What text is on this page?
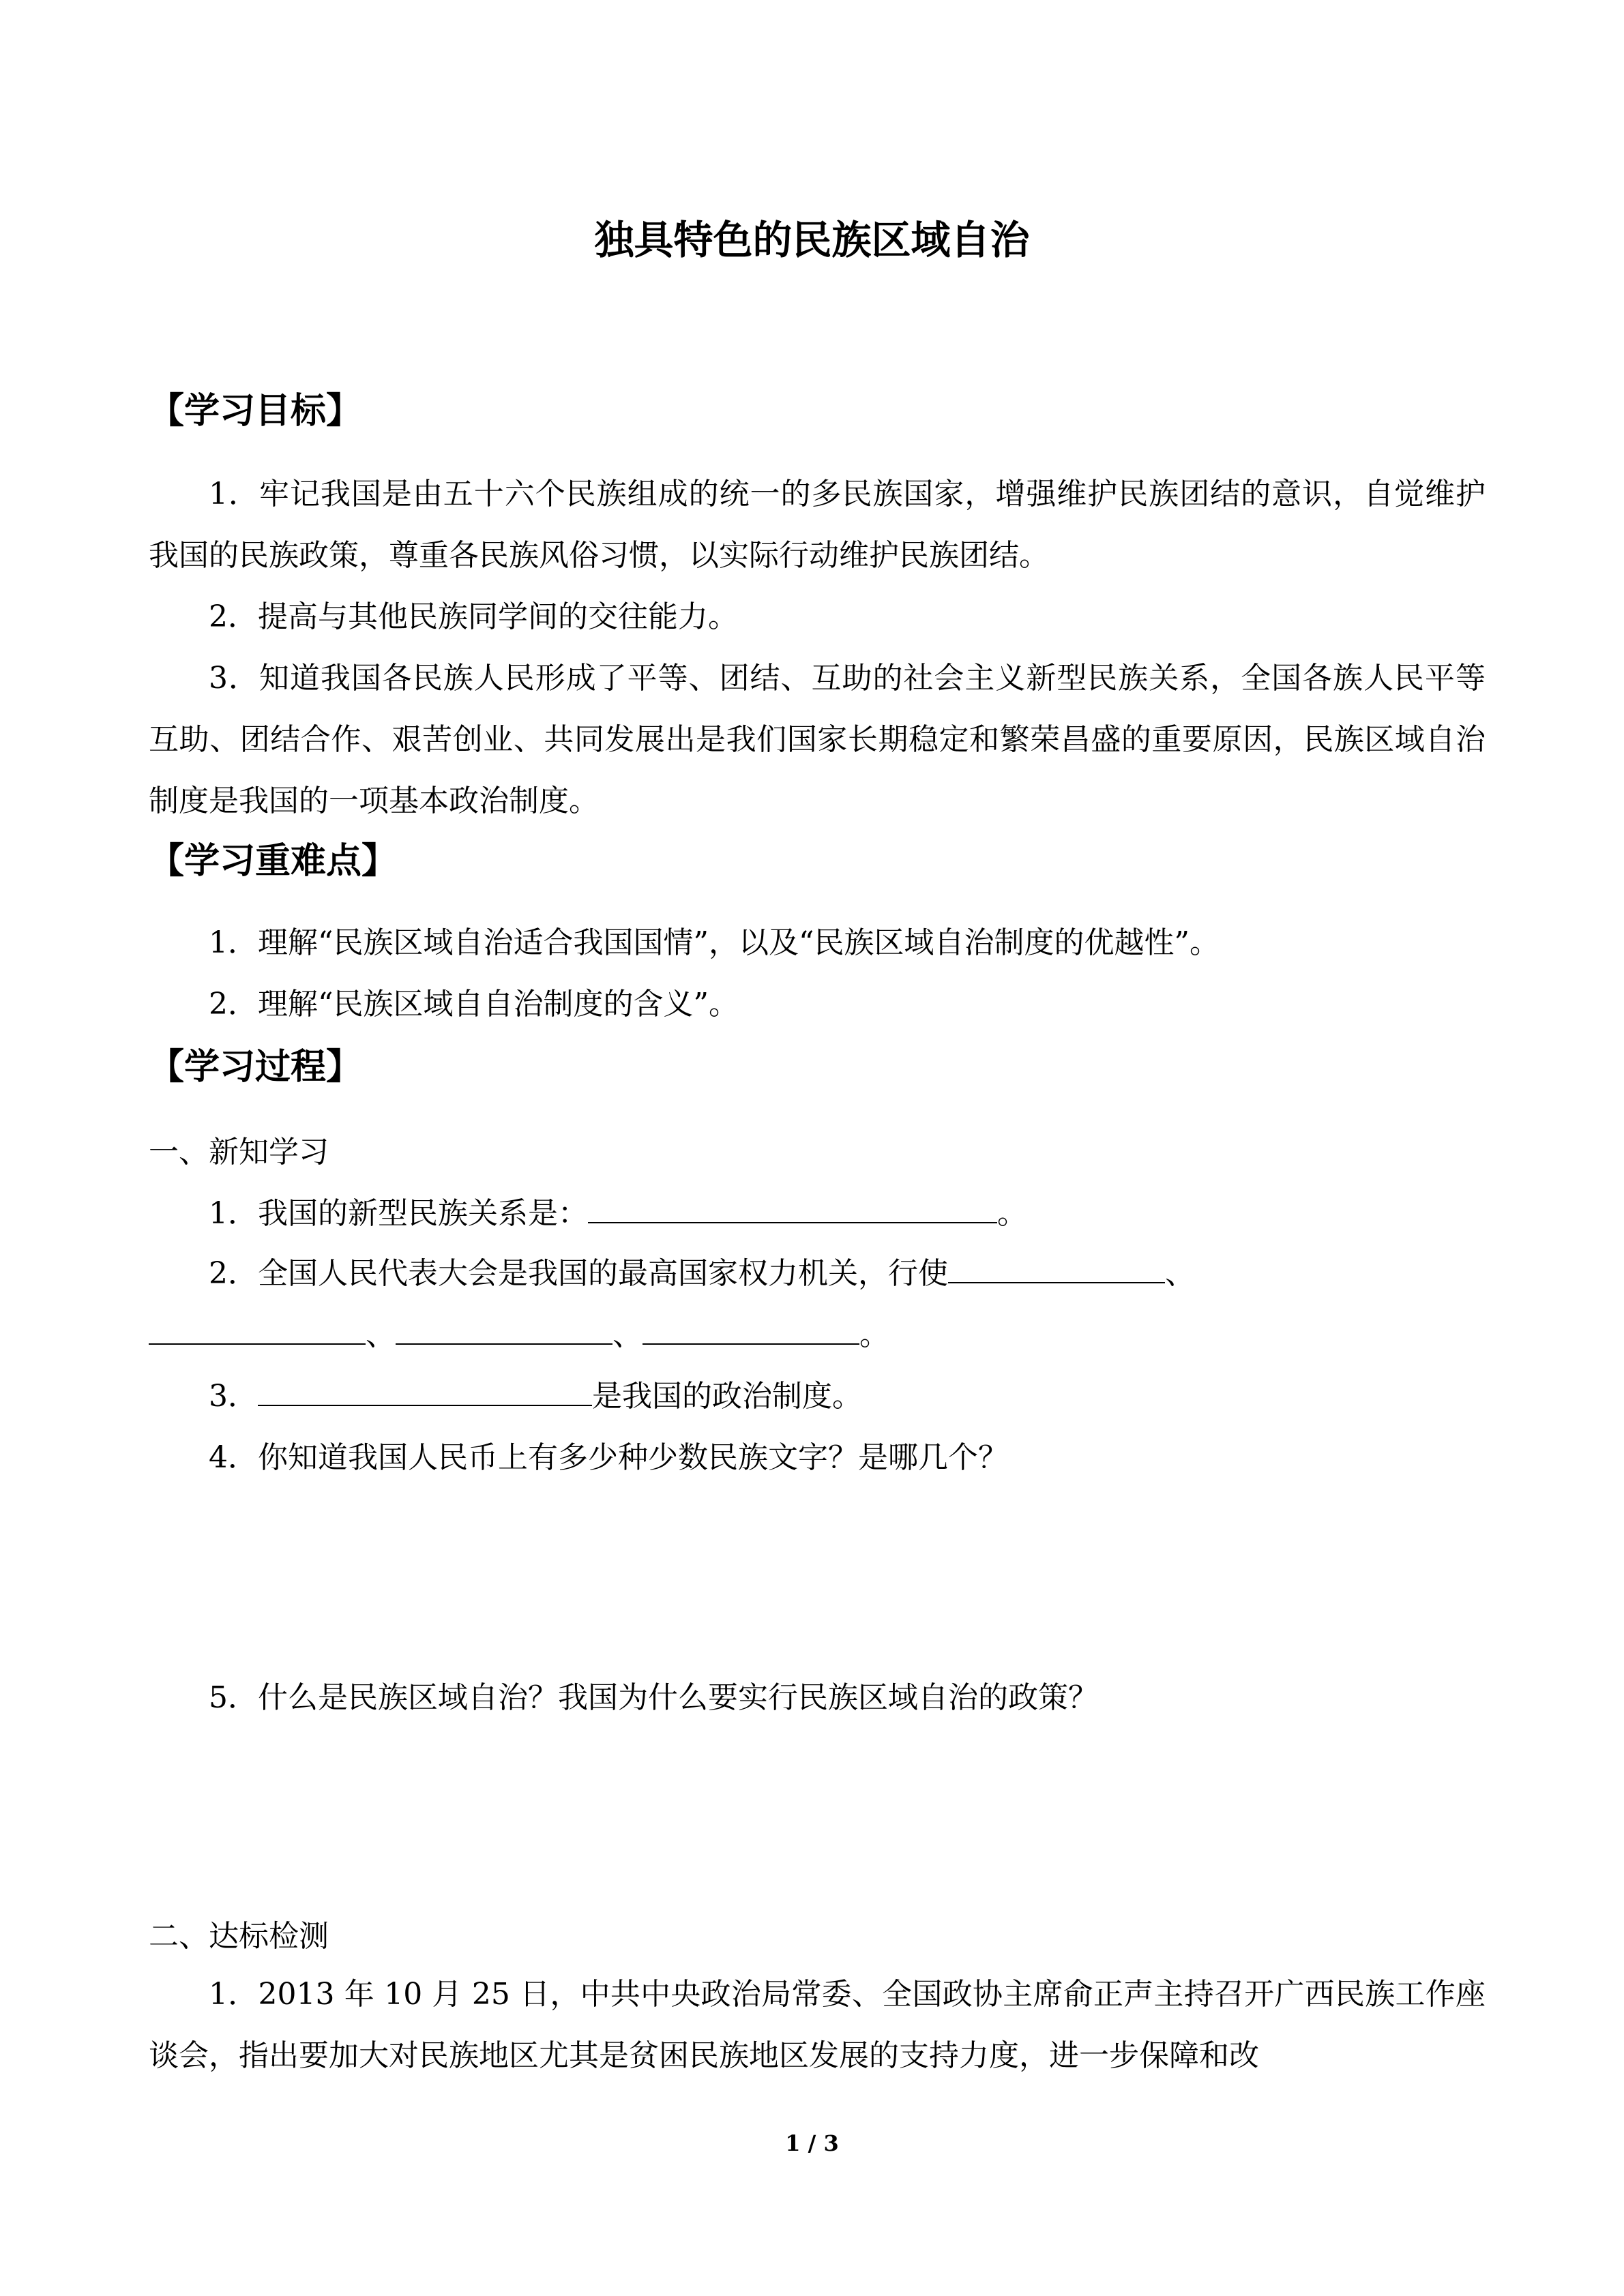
独具特色的民族区域自治
【学习目标】
1．牢记我国是由五十六个民族组成的统一的多民族国家，增强维护民族团结的意识，自觉维护我国的民族政策，尊重各民族风俗习惯，以实际行动维护民族团结。
2．提高与其他民族同学间的交往能力。
3．知道我国各民族人民形成了平等、团结、互助的社会主义新型民族关系，全国各族人民平等互助、团结合作、艰苦创业、共同发展出是我们国家长期稳定和繁荣昌盛的重要原因，民族区域自治制度是我国的一项基本政治制度。
【学习重难点】
1．理解“民族区域自治适合我国国情”，以及“民族区域自治制度的优越性”。
2．理解“民族区域自自治制度的含义”。
【学习过程】
一、新知学习
1．我国的新型民族关系是：	。
2．全国人民代表大会是我国的最高国家权力机关，行使	、
、	、	。
3．	是我国的政治制度。
4．你知道我国人民币上有多少种少数民族文字？是哪几个？
5．什么是民族区域自治？我国为什么要实行民族区域自治的政策？
二、达标检测
1．2013 年 10 月 25 日，中共中央政治局常委、全国政协主席俞正声主持召开广西民族工作座谈会，指出要加大对民族地区尤其是贫困民族地区发展的支持力度，进一步保障和改
1 / 3
